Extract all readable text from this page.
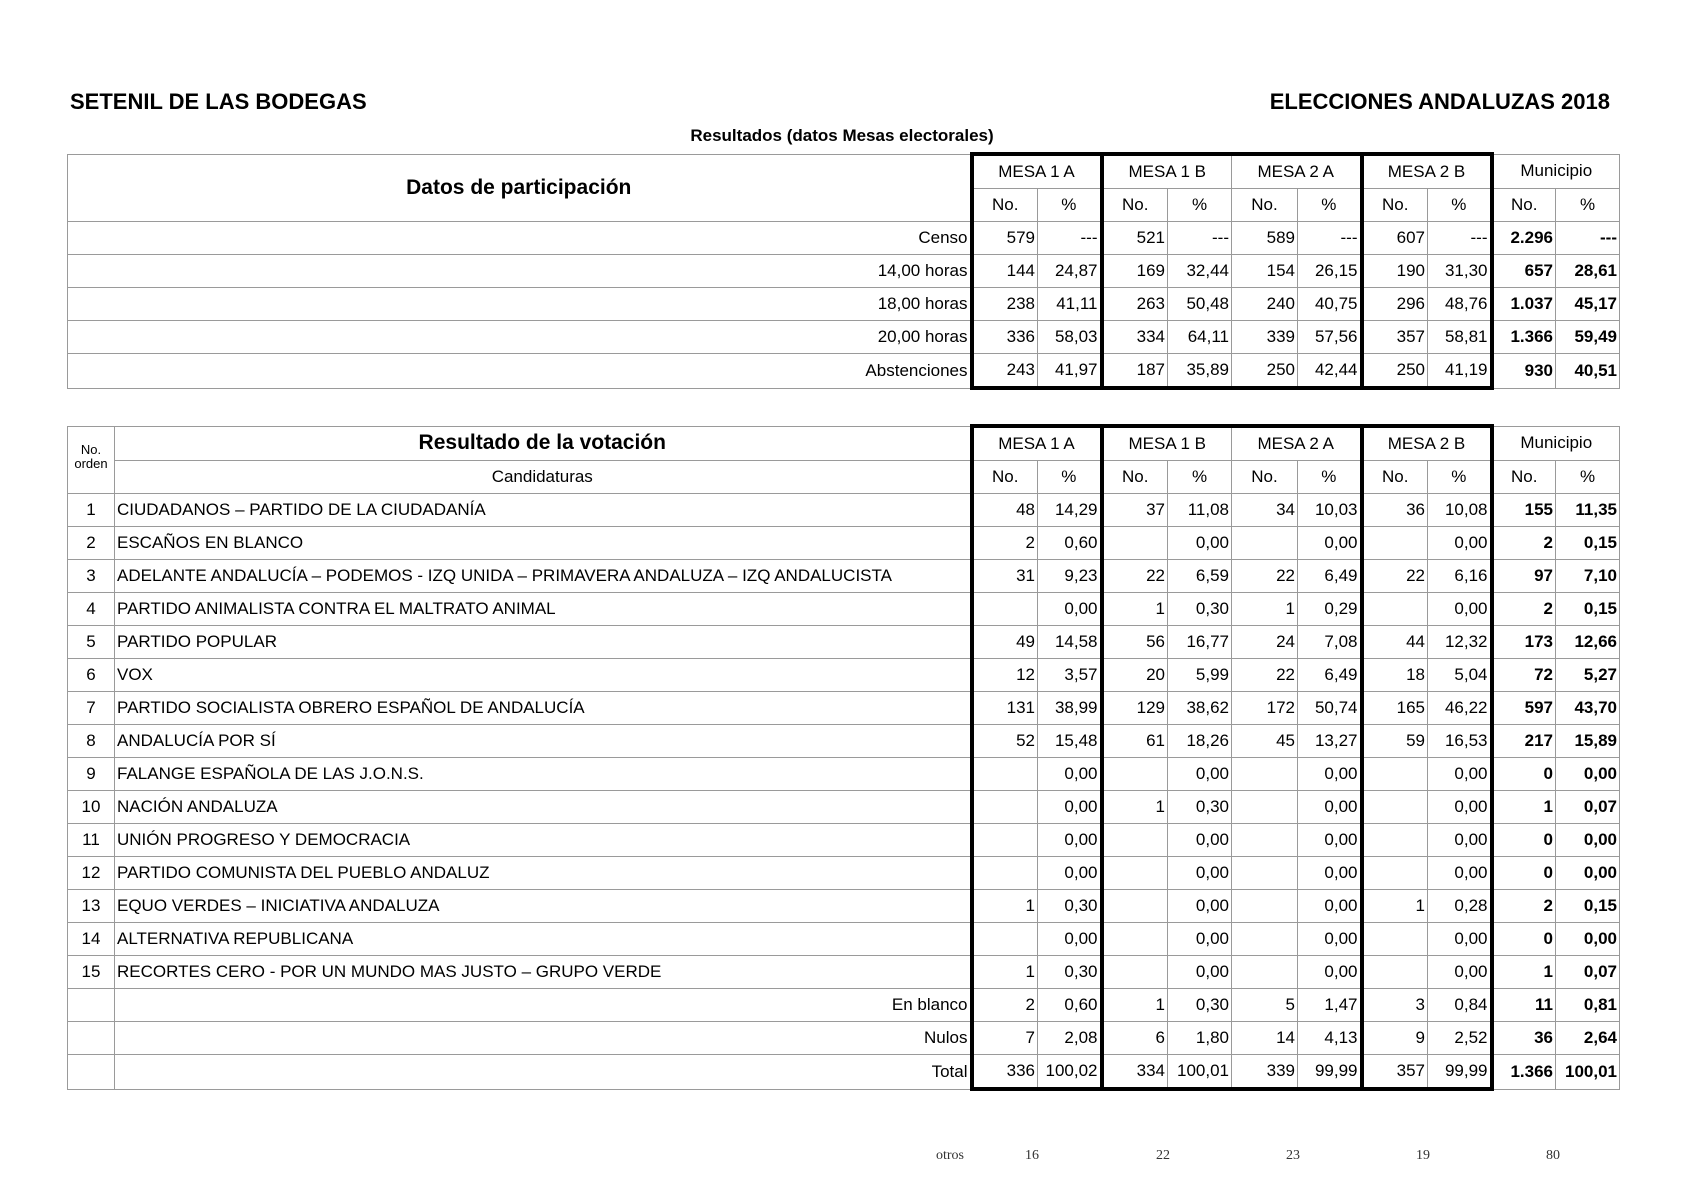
SETENIL DE LAS BODEGAS	ELECCIONES ANDALUZAS 2018
Resultados (datos Mesas electorales)
Datos de participación	MESA 1 A		MESA 1 B		MESA 2 A		MESA 2 B		Municipio	
	No.	%	No.	%	No.	%	No.	%	No.	%
Censo	579	---	521	---	589	---	607	---	2.296	---
14,00 horas	144	24,87	169	32,44	154	26,15	190	31,30	657	28,61
18,00 horas	238	41,11	263	50,48	240	40,75	296	48,76	1.037	45,17
20,00 horas	336	58,03	334	64,11	339	57,56	357	58,81	1.366	59,49
Abstenciones	243	41,97	187	35,89	250	42,44	250	41,19	930	40,51
No.
orden	Resultado de la votación	MESA 1 A		MESA 1 B		MESA 2 A		MESA 2 B		Municipio	
	Candidaturas	No.	%	No.	%	No.	%	No.	%	No.	%
1	CIUDADANOS – PARTIDO DE LA CIUDADANÍA	48	14,29	37	11,08	34	10,03	36	10,08	155	11,35
2	ESCAÑOS EN BLANCO	2	0,60		0,00		0,00		0,00	2	0,15
3	ADELANTE ANDALUCÍA – PODEMOS - IZQ UNIDA – PRIMAVERA ANDALUZA – IZQ ANDALUCISTA	31	9,23	22	6,59	22	6,49	22	6,16	97	7,10
4	PARTIDO ANIMALISTA CONTRA EL MALTRATO ANIMAL		0,00	1	0,30	1	0,29		0,00	2	0,15
5	PARTIDO POPULAR	49	14,58	56	16,77	24	7,08	44	12,32	173	12,66
6	VOX	12	3,57	20	5,99	22	6,49	18	5,04	72	5,27
7	PARTIDO SOCIALISTA OBRERO ESPAÑOL DE ANDALUCÍA	131	38,99	129	38,62	172	50,74	165	46,22	597	43,70
8	ANDALUCÍA POR SÍ	52	15,48	61	18,26	45	13,27	59	16,53	217	15,89
9	FALANGE ESPAÑOLA DE LAS J.O.N.S.		0,00		0,00		0,00		0,00	0	0,00
10	NACIÓN ANDALUZA		0,00	1	0,30		0,00		0,00	1	0,07
11	UNIÓN PROGRESO Y DEMOCRACIA		0,00		0,00		0,00		0,00	0	0,00
12	PARTIDO COMUNISTA DEL PUEBLO ANDALUZ		0,00		0,00		0,00		0,00	0	0,00
13	EQUO VERDES – INICIATIVA ANDALUZA	1	0,30		0,00		0,00	1	0,28	2	0,15
14	ALTERNATIVA REPUBLICANA		0,00		0,00		0,00		0,00	0	0,00
15	RECORTES CERO - POR UN MUNDO MAS JUSTO – GRUPO VERDE	1	0,30		0,00		0,00		0,00	1	0,07
	En blanco	2	0,60	1	0,30	5	1,47	3	0,84	11	0,81
	Nulos	7	2,08	6	1,80	14	4,13	9	2,52	36	2,64
	Total	336	100,02	334	100,01	339	99,99	357	99,99	1.366	100,01
otros	16	22	23	19	80
